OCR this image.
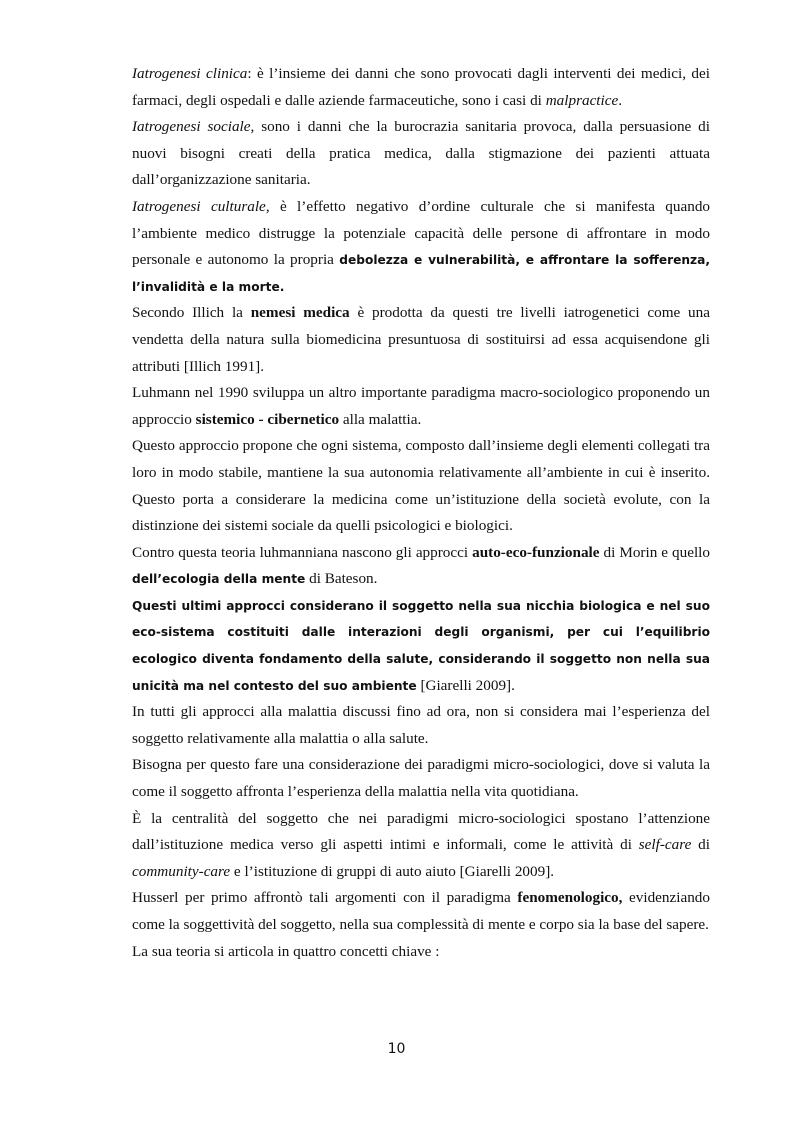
Iatrogenesi clinica: è l’insieme dei danni che sono provocati dagli interventi dei medici, dei farmaci, degli ospedali e dalle aziende farmaceutiche, sono i casi di malpractice.

Iatrogenesi sociale, sono i danni che la burocrazia sanitaria provoca, dalla persuasione di nuovi bisogni creati della pratica medica, dalla stigmazione dei pazienti attuata dall’organizzazione sanitaria.

Iatrogenesi culturale, è l’effetto negativo d’ordine culturale che si manifesta quando l’ambiente medico distrugge la potenziale capacità delle persone di affrontare in modo personale e autonomo la propria debolezza e vulnerabilità, e affrontare la sofferenza, l’invalidità e la morte.

Secondo Illich la nemesi medica è prodotta da questi tre livelli iatrogenetici come una vendetta della natura sulla biomedicina presuntuosa di sostituirsi ad essa acquisendone gli attributi [Illich 1991].

Luhmann nel 1990 sviluppa un altro importante paradigma macro-sociologico proponendo un approccio sistemico - cibernetico alla malattia.

Questo approccio propone che ogni sistema, composto dall’insieme degli elementi collegati tra loro in modo stabile, mantiene la sua autonomia relativamente all’ambiente in cui è inserito. Questo porta a considerare la medicina come un’istituzione della società evolute, con la distinzione dei sistemi sociale da quelli psicologici e biologici.

Contro questa teoria luhmanniana nascono gli approcci auto-eco-funzionale di Morin e quello dell’ecologia della mente di Bateson.

Questi ultimi approcci considerano il soggetto nella sua nicchia biologica e nel suo eco-sistema costituiti dalle interazioni degli organismi, per cui l’equilibrio ecologico diventa fondamento della salute, considerando il soggetto non nella sua unicità ma nel contesto del suo ambiente [Giarelli 2009].

In tutti gli approcci alla malattia discussi fino ad ora, non si considera mai l’esperienza del soggetto relativamente alla malattia o alla salute.

Bisogna per questo fare una considerazione dei paradigmi micro-sociologici, dove si valuta la come il soggetto affronta l’esperienza della malattia nella vita quotidiana.

È la centralità del soggetto che nei paradigmi micro-sociologici spostano l’attenzione dall’istituzione medica verso gli aspetti intimi e informali, come le attività di self-care di community-care e l’istituzione di gruppi di auto aiuto [Giarelli 2009].

Husserl per primo affrontò tali argomenti con il paradigma fenomenologico, evidenziando come la soggettività del soggetto, nella sua complessità di mente e corpo sia la base del sapere.

La sua teoria si articola in quattro concetti chiave :

10
